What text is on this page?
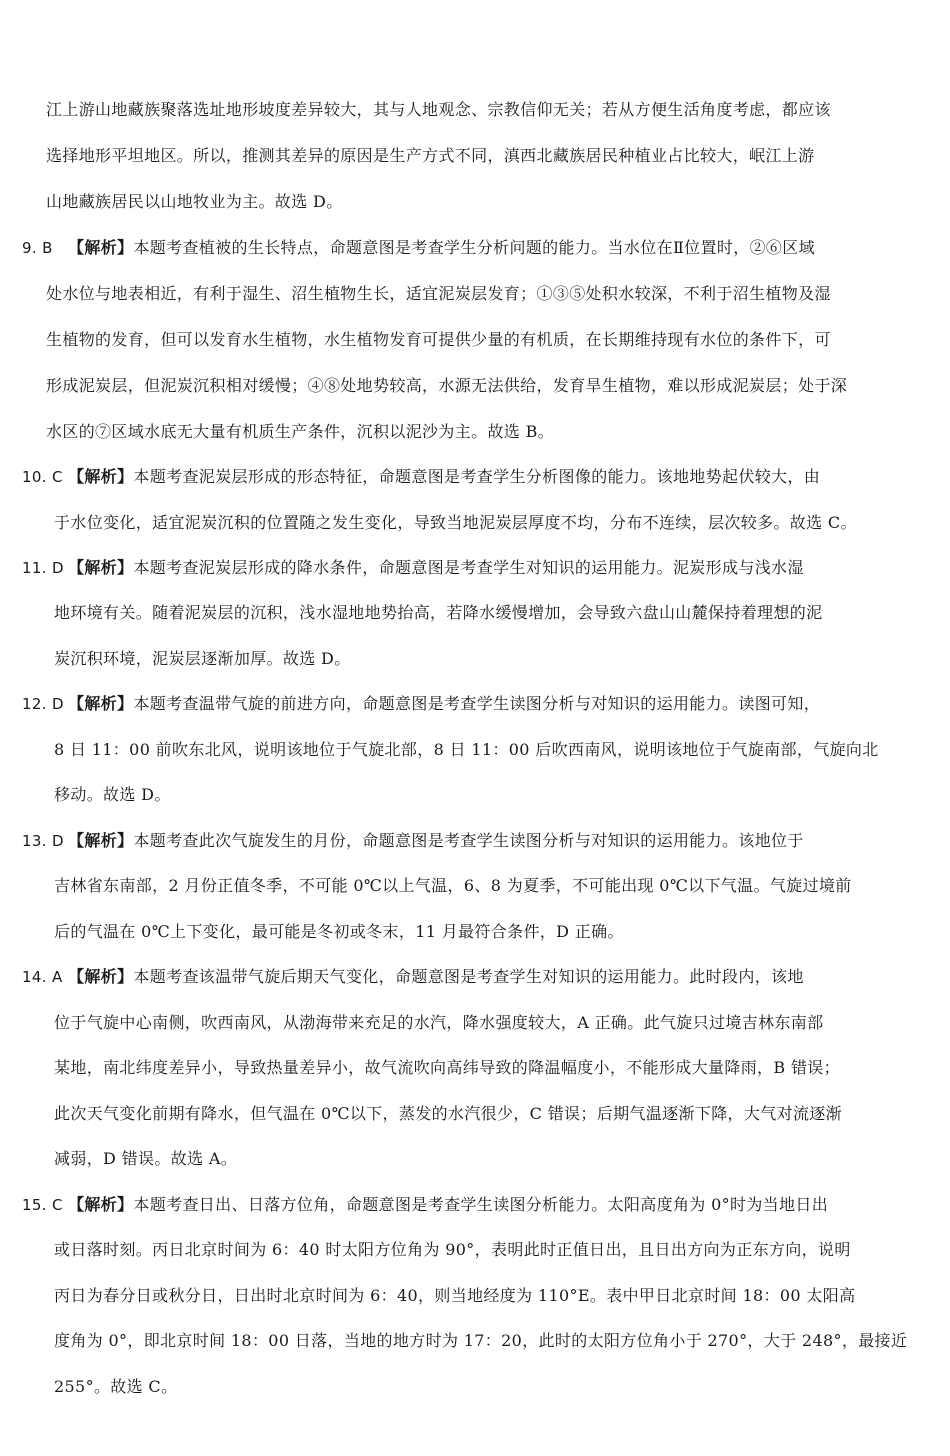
江上游山地藏族聚落选址地形坡度差异较大，其与人地观念、宗教信仰无关；若从方便生活角度考虑，都应该
选择地形平坦地区。所以，推测其差异的原因是生产方式不同，滇西北藏族居民种植业占比较大，岷江上游
山地藏族居民以山地牧业为主。故选 D。
9. B 【解析】本题考查植被的生长特点，命题意图是考查学生分析问题的能力。当水位在Ⅱ位置时，②⑥区域
处水位与地表相近，有利于湿生、沼生植物生长，适宜泥炭层发育；①③⑤处积水较深，不利于沼生植物及湿
生植物的发育，但可以发育水生植物，水生植物发育可提供少量的有机质，在长期维持现有水位的条件下，可
形成泥炭层，但泥炭沉积相对缓慢；④⑧处地势较高，水源无法供给，发育旱生植物，难以形成泥炭层；处于深
水区的⑦区域水底无大量有机质生产条件，沉积以泥沙为主。故选 B。
10. C 【解析】本题考查泥炭层形成的形态特征，命题意图是考查学生分析图像的能力。该地地势起伏较大，由
于水位变化，适宜泥炭沉积的位置随之发生变化，导致当地泥炭层厚度不均，分布不连续，层次较多。故选 C。
11. D 【解析】本题考查泥炭层形成的降水条件，命题意图是考查学生对知识的运用能力。泥炭形成与浅水湿
地环境有关。随着泥炭层的沉积，浅水湿地地势抬高，若降水缓慢增加，会导致六盘山山麓保持着理想的泥
炭沉积环境，泥炭层逐渐加厚。故选 D。
12. D 【解析】本题考查温带气旋的前进方向，命题意图是考查学生读图分析与对知识的运用能力。读图可知，
8 日 11：00 前吹东北风，说明该地位于气旋北部，8 日 11：00 后吹西南风，说明该地位于气旋南部，气旋向北
移动。故选 D。
13. D 【解析】本题考查此次气旋发生的月份，命题意图是考查学生读图分析与对知识的运用能力。该地位于
吉林省东南部，2 月份正值冬季，不可能 0℃以上气温，6、8 为夏季，不可能出现 0℃以下气温。气旋过境前
后的气温在 0℃上下变化，最可能是冬初或冬末，11 月最符合条件，D 正确。
14. A 【解析】本题考查该温带气旋后期天气变化，命题意图是考查学生对知识的运用能力。此时段内，该地
位于气旋中心南侧，吹西南风，从渤海带来充足的水汽，降水强度较大，A 正确。此气旋只过境吉林东南部
某地，南北纬度差异小，导致热量差异小，故气流吹向高纬导致的降温幅度小，不能形成大量降雨，B 错误；
此次天气变化前期有降水，但气温在 0℃以下，蒸发的水汽很少，C 错误；后期气温逐渐下降，大气对流逐渐
减弱，D 错误。故选 A。
15. C 【解析】本题考查日出、日落方位角，命题意图是考查学生读图分析能力。太阳高度角为 0°时为当地日出
或日落时刻。丙日北京时间为 6：40 时太阳方位角为 90°，表明此时正值日出，且日出方向为正东方向，说明
丙日为春分日或秋分日，日出时北京时间为 6：40，则当地经度为 110°E。表中甲日北京时间 18：00 太阳高
度角为 0°，即北京时间 18：00 日落，当地的地方时为 17：20，此时的太阳方位角小于 270°，大于 248°，最接近
255°。故选 C。
